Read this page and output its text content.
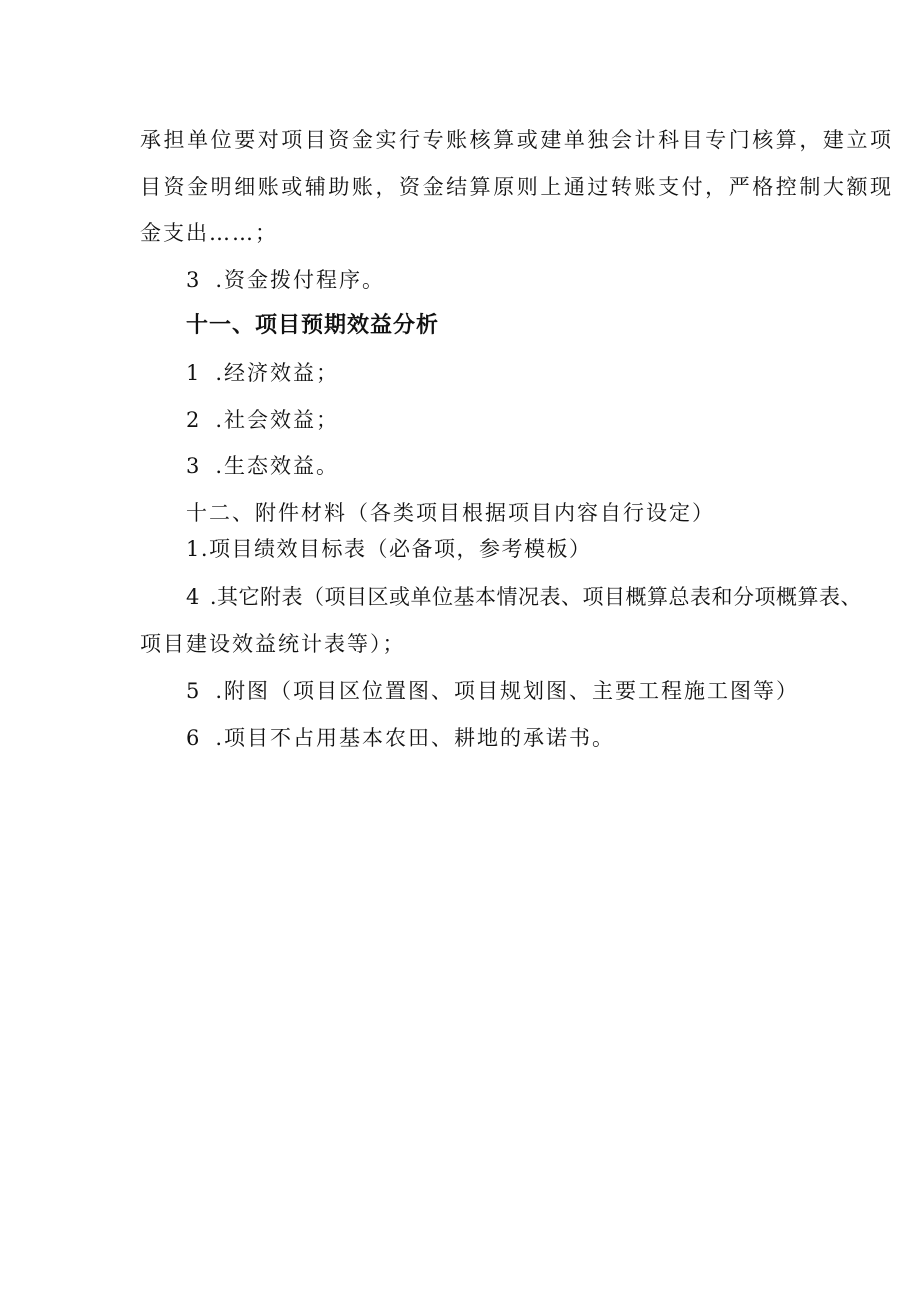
承担单位要对项目资金实行专账核算或建单独会计科目专门核算，建立项
目资金明细账或辅助账，资金结算原则上通过转账支付，严格控制大额现
金支出……；
3 .资金拨付程序。
十一、项目预期效益分析
1 .经济效益；
2 .社会效益；
3 .生态效益。
十二、附件材料（各类项目根据项目内容自行设定）
1.项目绩效目标表（必备项，参考模板）
4 .其它附表（项目区或单位基本情况表、项目概算总表和分项概算表、
项目建设效益统计表等）；
5 .附图（项目区位置图、项目规划图、主要工程施工图等）
6 .项目不占用基本农田、耕地的承诺书。
